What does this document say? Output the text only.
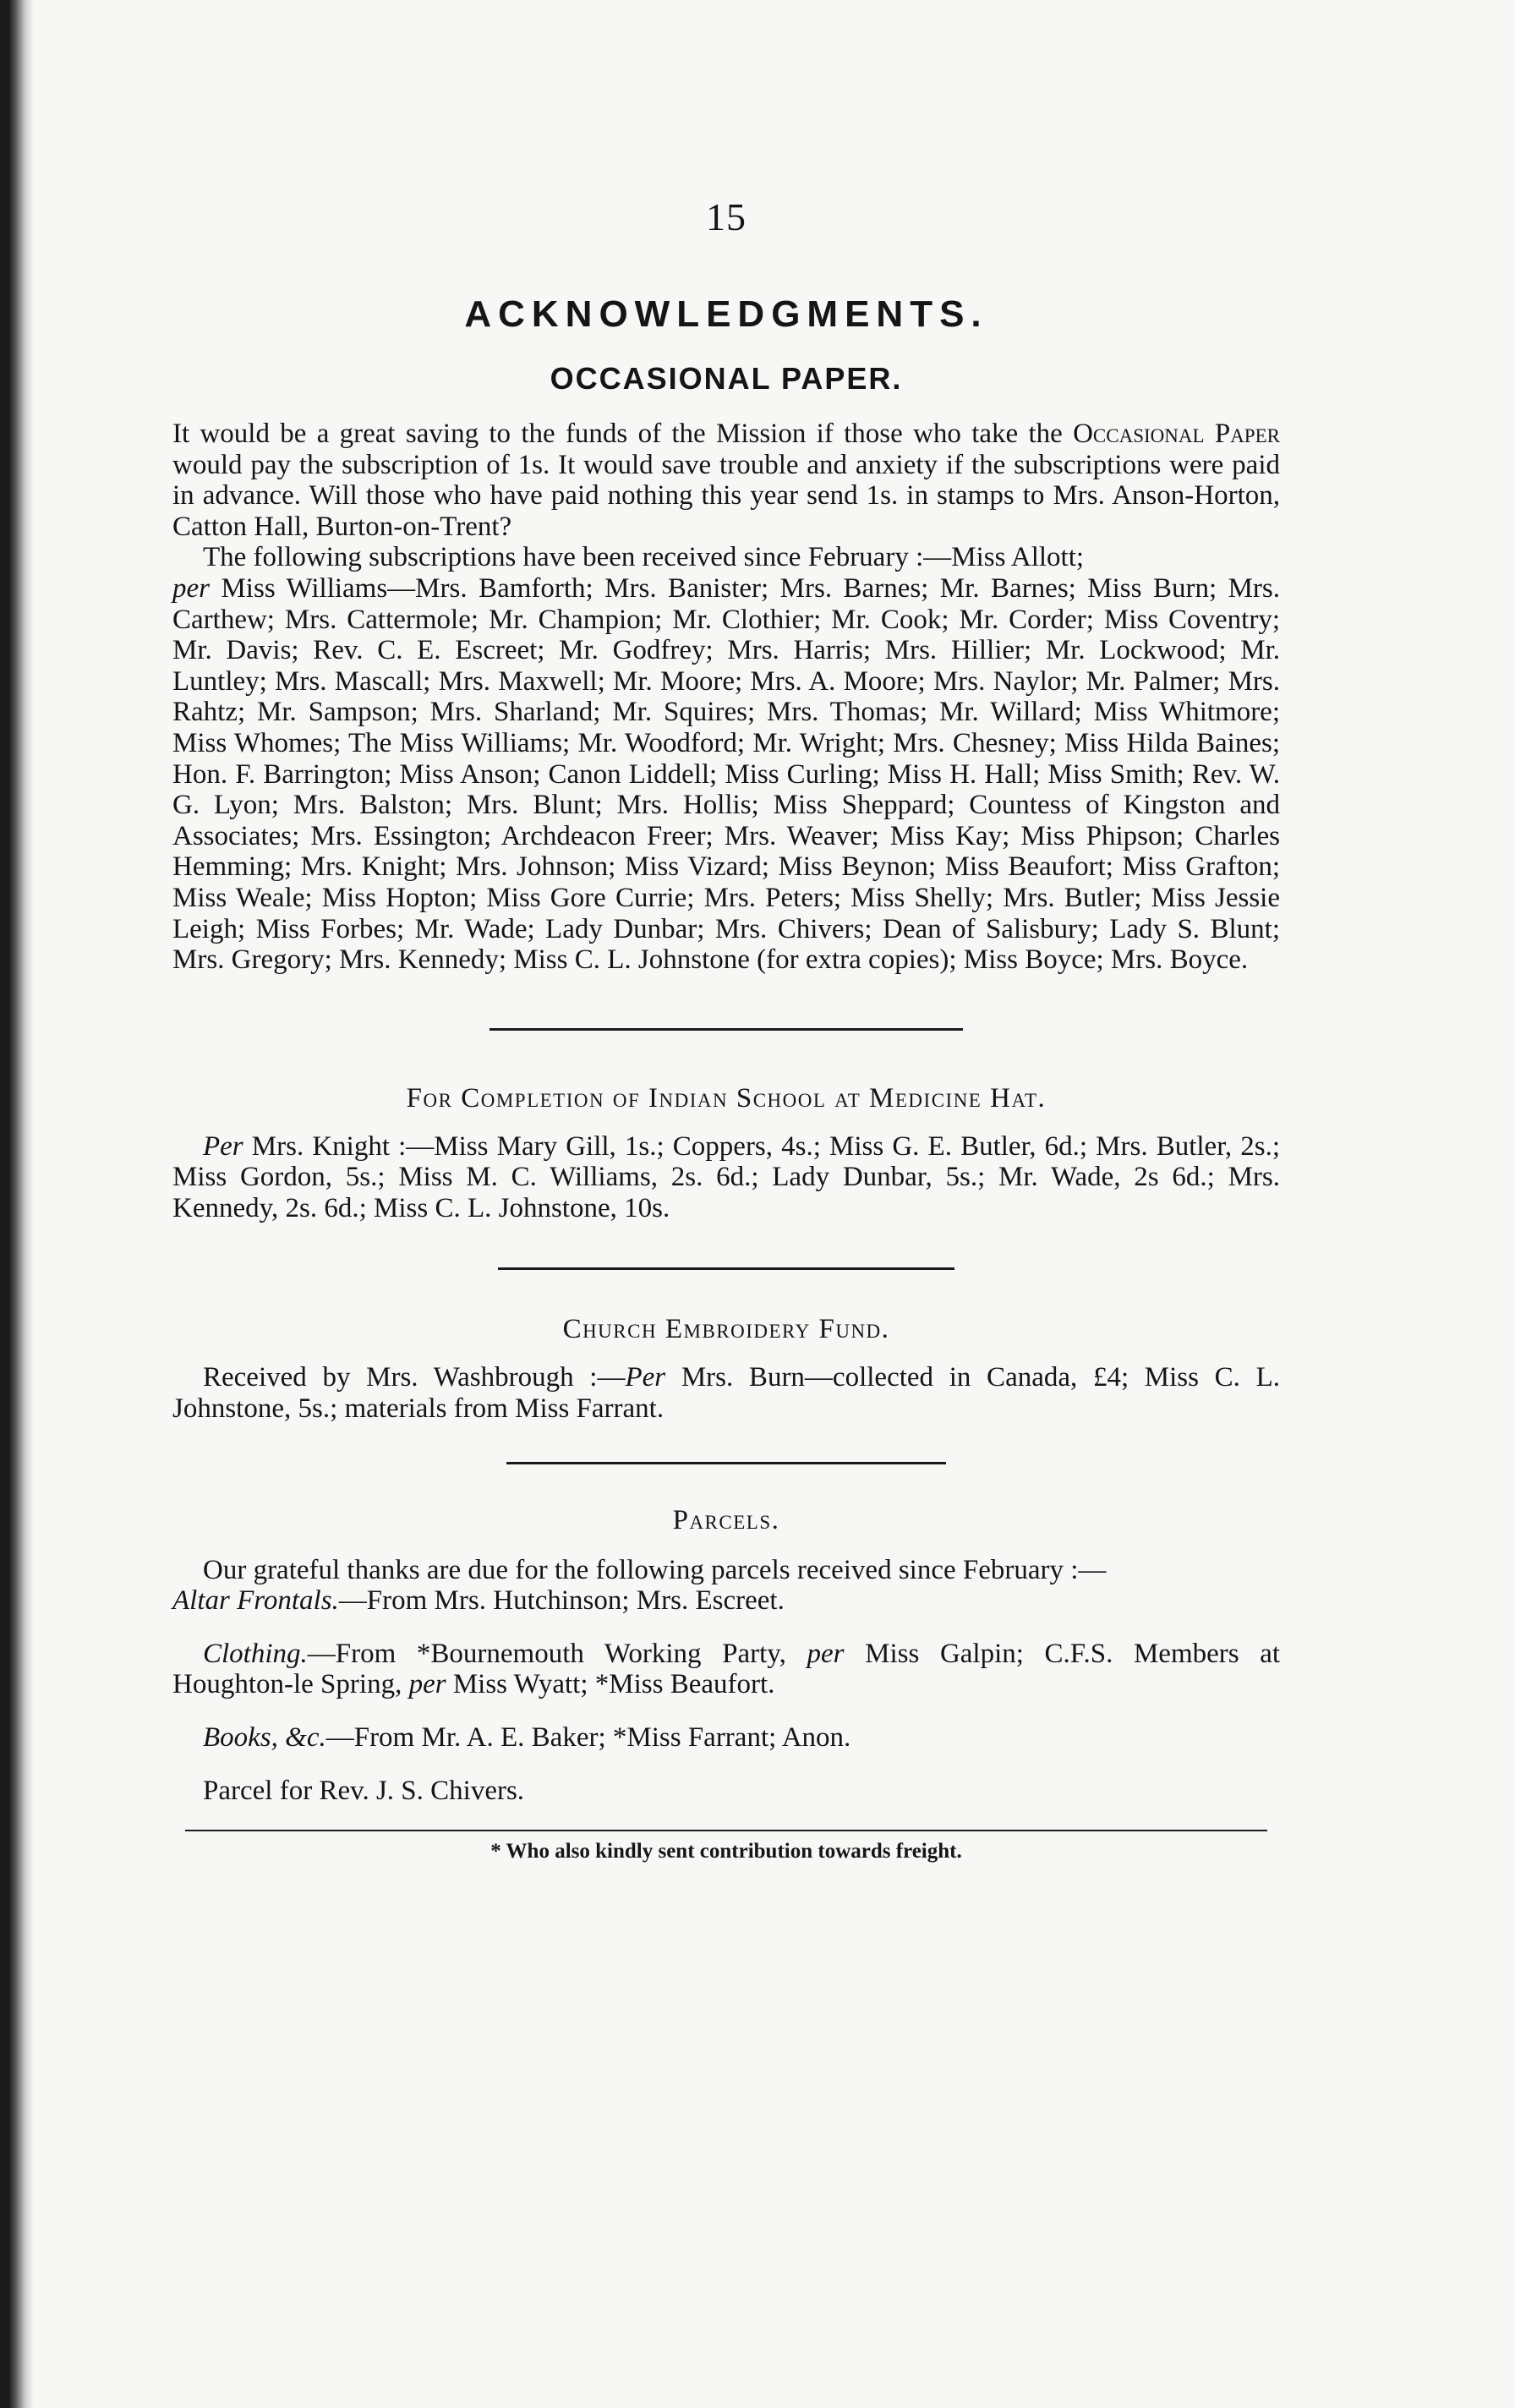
15
ACKNOWLEDGMENTS.
OCCASIONAL PAPER.

It would be a great saving to the funds of the Mission if those who take the Occasional Paper would pay the subscription of 1s. It would save trouble and anxiety if the subscriptions were paid in advance. Will those who have paid nothing this year send 1s. in stamps to Mrs. Anson-Horton, Catton Hall, Burton-on-Trent?

The following subscriptions have been received since February :—Miss Allott;
per Miss Williams—Mrs. Bamforth; Mrs. Banister; Mrs. Barnes; Mr. Barnes; Miss Burn; Mrs. Carthew; Mrs. Cattermole; Mr. Champion; Mr. Clothier; Mr. Cook; Mr. Corder; Miss Coventry; Mr. Davis; Rev. C. E. Escreet; Mr. Godfrey; Mrs. Harris; Mrs. Hillier; Mr. Lockwood; Mr. Luntley; Mrs. Mascall; Mrs. Maxwell; Mr. Moore; Mrs. A. Moore; Mrs. Naylor; Mr. Palmer; Mrs. Rahtz; Mr. Sampson; Mrs. Sharland; Mr. Squires; Mrs. Thomas; Mr. Willard; Miss Whitmore; Miss Whomes; The Miss Williams; Mr. Woodford; Mr. Wright; Mrs. Chesney; Miss Hilda Baines; Hon. F. Barrington; Miss Anson; Canon Liddell; Miss Curling; Miss H. Hall; Miss Smith; Rev. W. G. Lyon; Mrs. Balston; Mrs. Blunt; Mrs. Hollis; Miss Sheppard; Countess of Kingston and Associates; Mrs. Essington; Archdeacon Freer; Mrs. Weaver; Miss Kay; Miss Phipson; Charles Hemming; Mrs. Knight; Mrs. Johnson; Miss Vizard; Miss Beynon; Miss Beaufort; Miss Grafton; Miss Weale; Miss Hopton; Miss Gore Currie; Mrs. Peters; Miss Shelly; Mrs. Butler; Miss Jessie Leigh; Miss Forbes; Mr. Wade; Lady Dunbar; Mrs. Chivers; Dean of Salisbury; Lady S. Blunt; Mrs. Gregory; Mrs. Kennedy; Miss C. L. Johnstone (for extra copies); Miss Boyce; Mrs. Boyce.

For Completion of Indian School at Medicine Hat.

Per Mrs. Knight :—Miss Mary Gill, 1s.; Coppers, 4s.; Miss G. E. Butler, 6d.; Mrs. Butler, 2s.; Miss Gordon, 5s.; Miss M. C. Williams, 2s. 6d.; Lady Dunbar, 5s.; Mr. Wade, 2s 6d.; Mrs. Kennedy, 2s. 6d.; Miss C. L. Johnstone, 10s.

Church Embroidery Fund.

Received by Mrs. Washbrough :—Per Mrs. Burn—collected in Canada, £4; Miss C. L. Johnstone, 5s.; materials from Miss Farrant.

Parcels.

Our grateful thanks are due for the following parcels received since February :—
Altar Frontals.—From Mrs. Hutchinson; Mrs. Escreet.

Clothing.—From *Bournemouth Working Party, per Miss Galpin; C.F.S. Members at Houghton-le Spring, per Miss Wyatt; *Miss Beaufort.

Books, &c.—From Mr. A. E. Baker; *Miss Farrant; Anon.

Parcel for Rev. J. S. Chivers.

* Who also kindly sent contribution towards freight.
